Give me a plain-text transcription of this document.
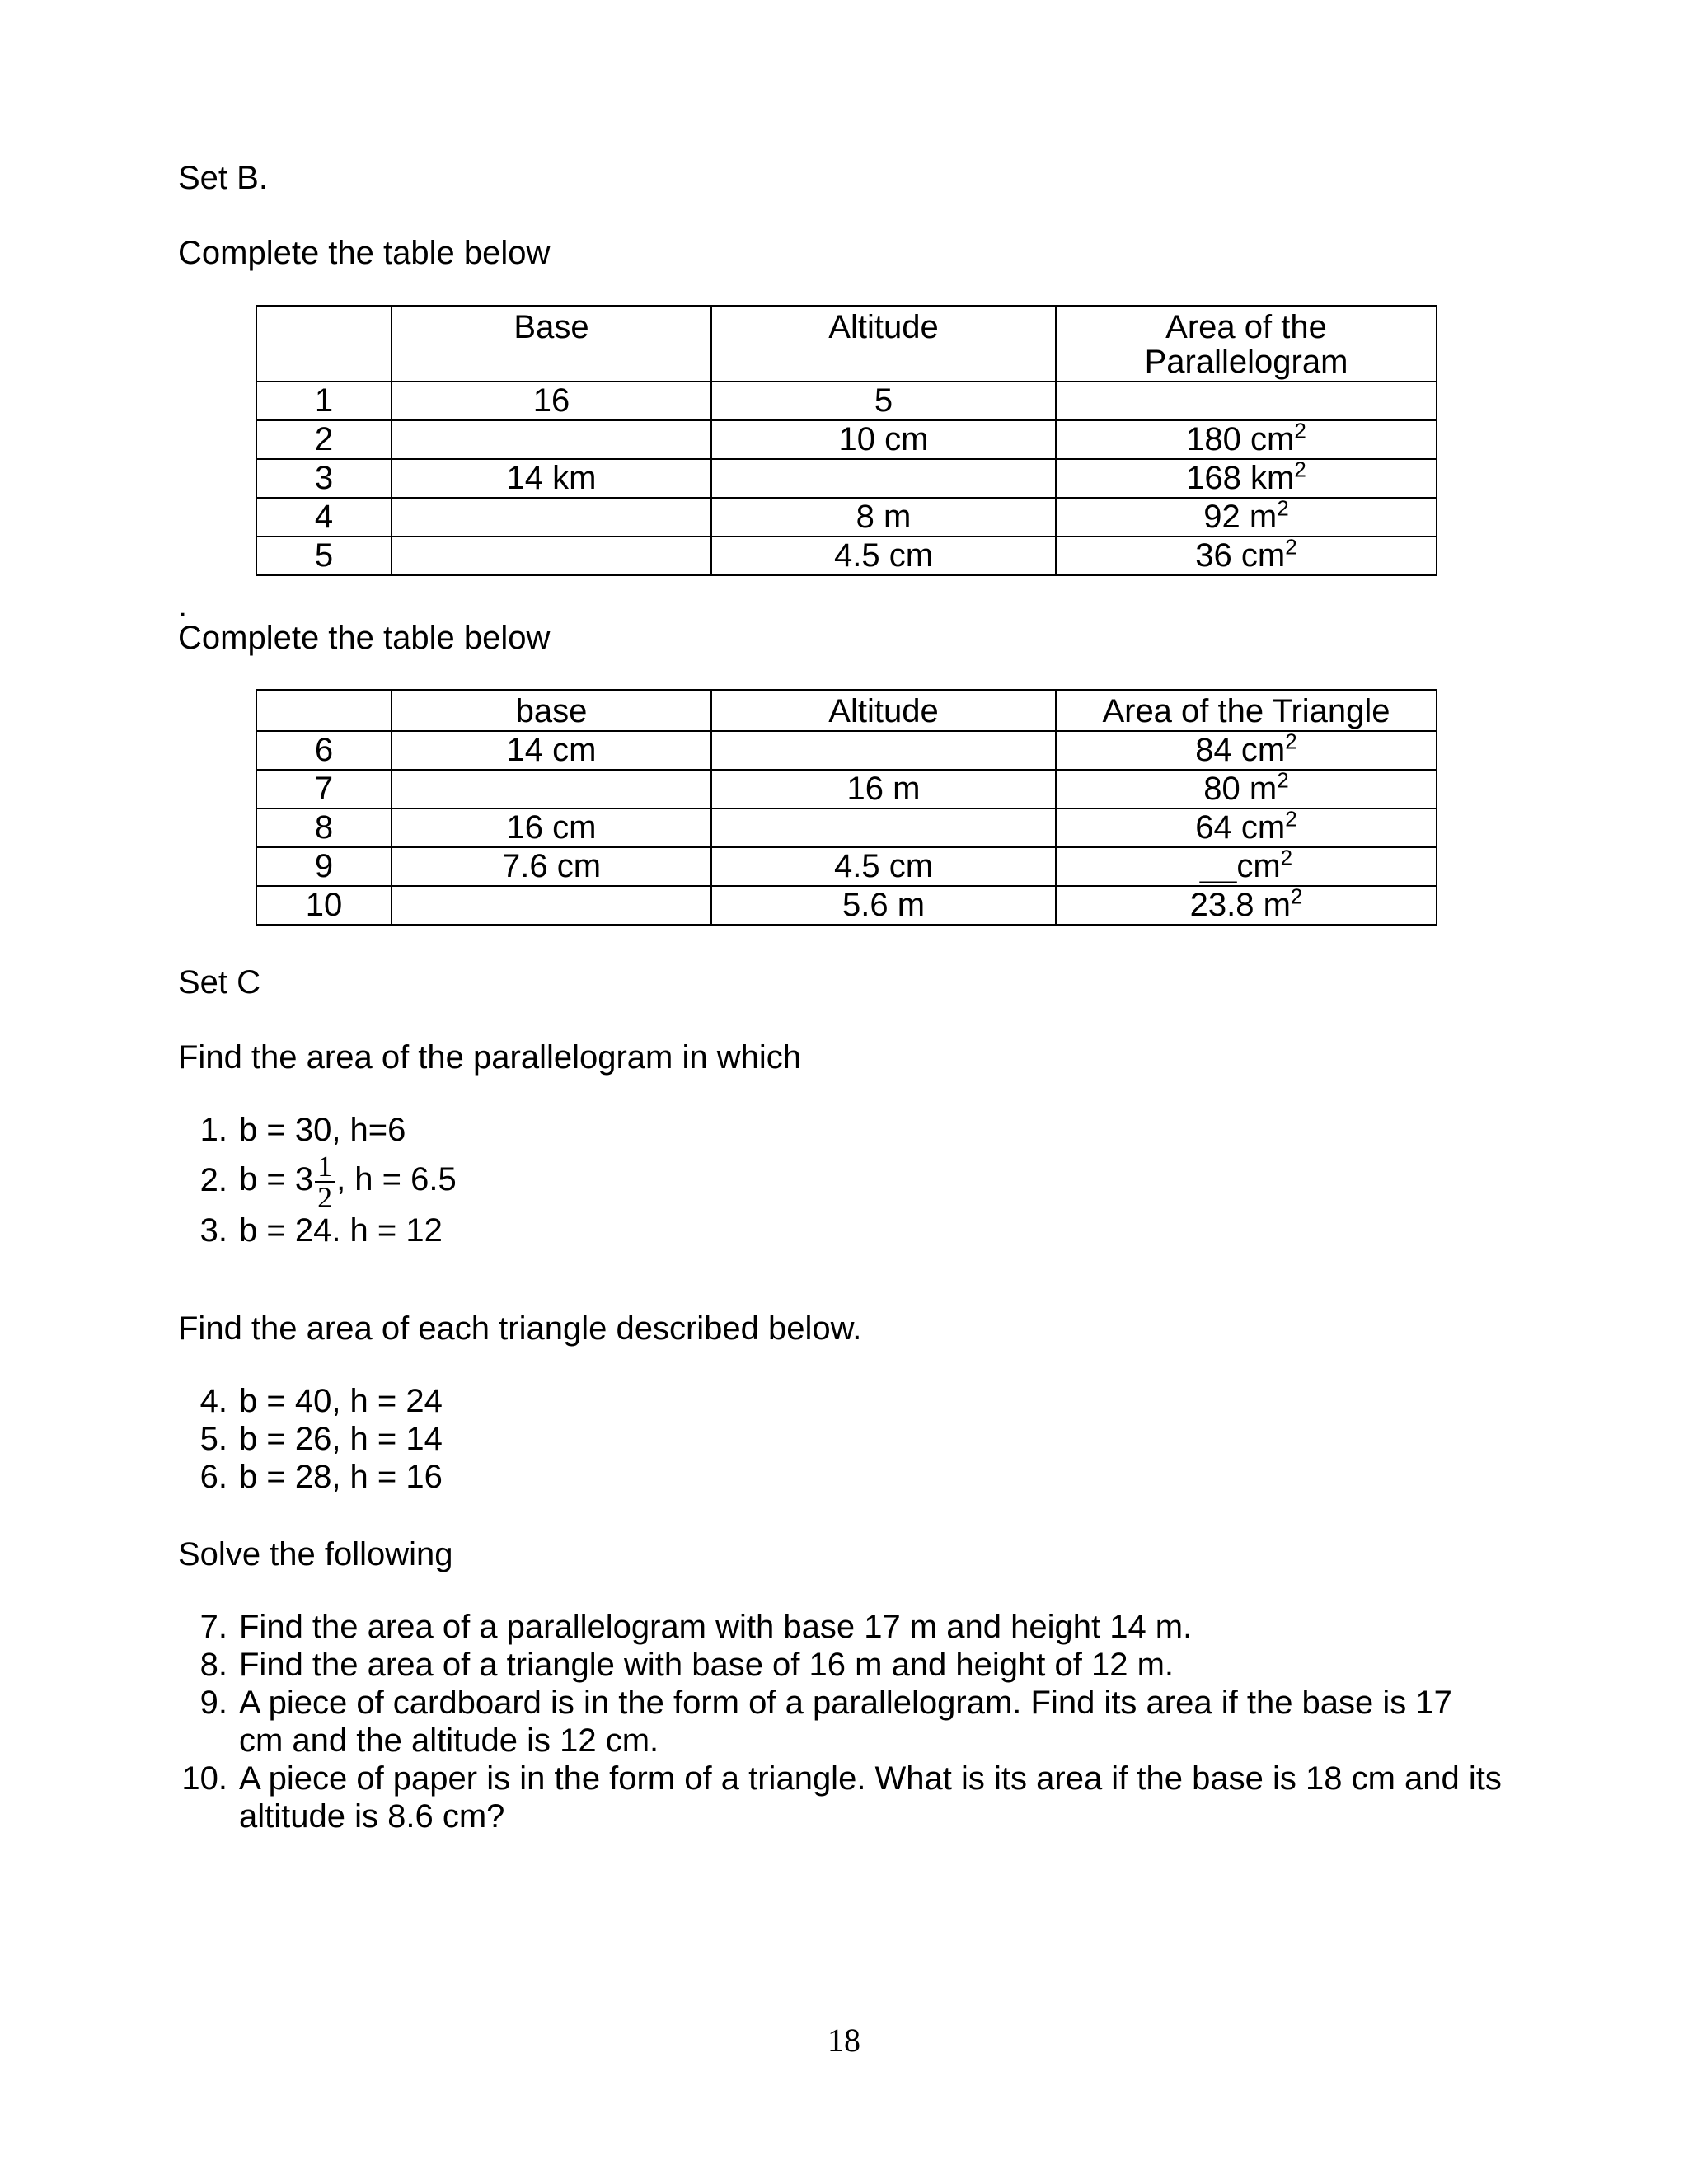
Set B.
Complete the table below
	Base	Altitude	Area of the
Parallelogram
1	16	5	
2		10 cm	180 $cm^2$
3	14 km		168 $km^2$
4		8 m	92 $m^2$
5		4.5 cm	36 $cm^2$
.
Complete the table below
	base	Altitude	Area of the Triangle
6	14 cm		84 $cm^2$
7		16 m	80 $m^2$
8	16 cm		64 $cm^2$
9	7.6 cm	4.5 cm	$\_\_cm^2$
10		5.6 m	23.8 $m^2$
Set C
Find the area of the parallelogram in which
1. b = 30, h=6
2. $b = 3 \frac{1}{2}$ , h = 6.5
3. b = 24. h = 12
Find the area of each triangle described below.
4. b = 40, h = 24
5. b = 26, h = 14
6. b = 28, h = 16
Solve the following
7. Find the area of a parallelogram with base 17 m and height 14 m.
8. Find the area of a triangle with base of 16 m and height of 12 m.
9. A piece of cardboard is in the form of a parallelogram. Find its area if the base is 17 cm and the altitude is 12 cm.
10. A piece of paper is in the form of a triangle. What is its area if the base is 18 cm and its altitude is 8.6 cm?
18
